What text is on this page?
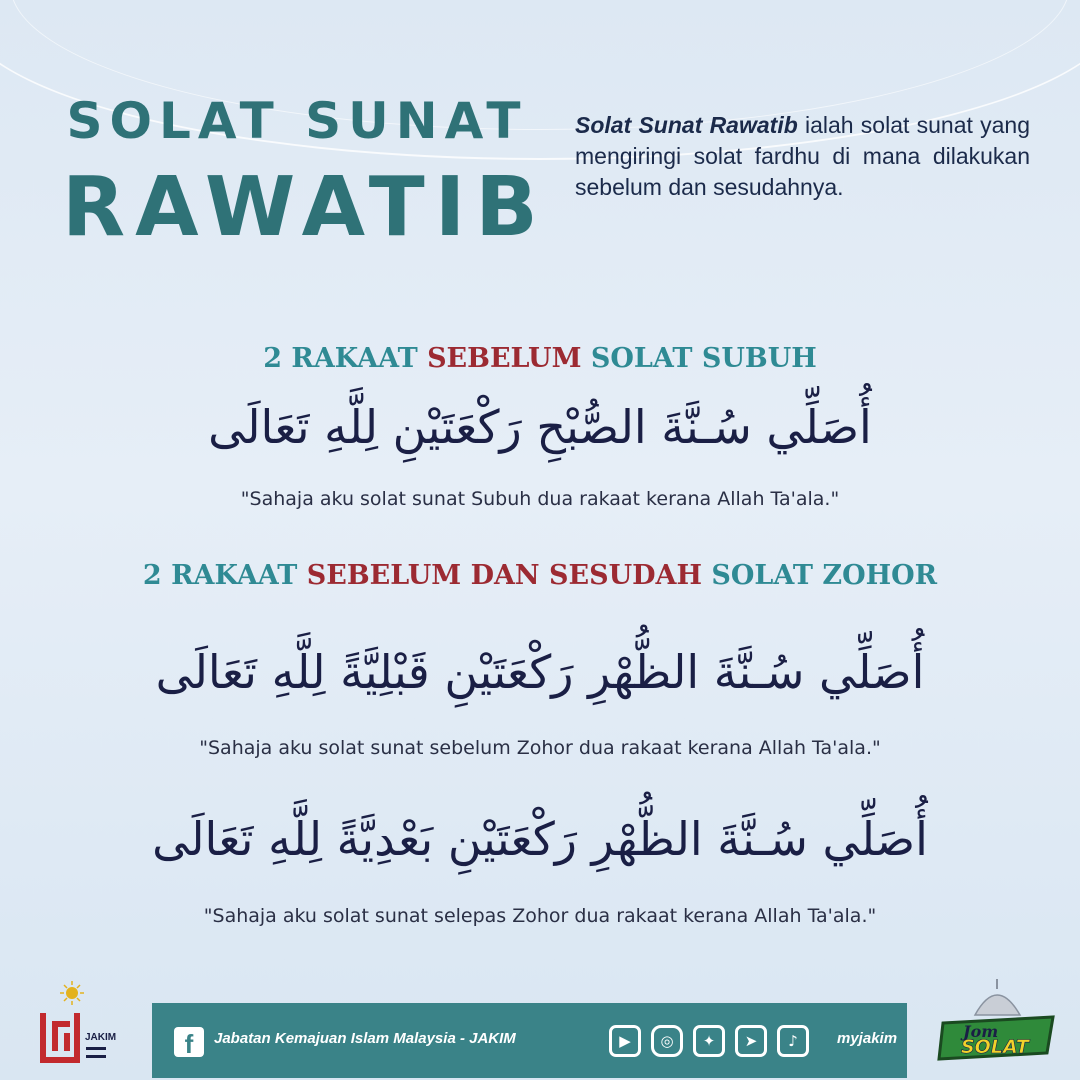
SOLAT SUNAT
RAWATIB
Solat Sunat Rawatib ialah solat sunat yang mengiringi solat fardhu di mana dilakukan sebelum dan sesudahnya.
2 RAKAAT SEBELUM SOLAT SUBUH
أُصَلِّي سُـنَّةَ الصُّبْحِ رَكْعَتَيْنِ لِلَّهِ تَعَالَى
"Sahaja aku solat sunat Subuh dua rakaat kerana Allah Ta'ala."
2 RAKAAT SEBELUM DAN SESUDAH SOLAT ZOHOR
أُصَلِّي سُـنَّةَ الظُّهْرِ رَكْعَتَيْنِ قَبْلِيَّةً لِلَّهِ تَعَالَى
"Sahaja aku solat sunat sebelum Zohor dua rakaat kerana Allah Ta'ala."
أُصَلِّي سُـنَّةَ الظُّهْرِ رَكْعَتَيْنِ بَعْدِيَّةً لِلَّهِ تَعَالَى
"Sahaja aku solat sunat selepas Zohor dua rakaat kerana Allah Ta'ala."
JAKIM	f	Jabatan Kemajuan Islam Malaysia - JAKIM	▶	◎	✦	➤	♪	myjakim	Jom
SOLAT
